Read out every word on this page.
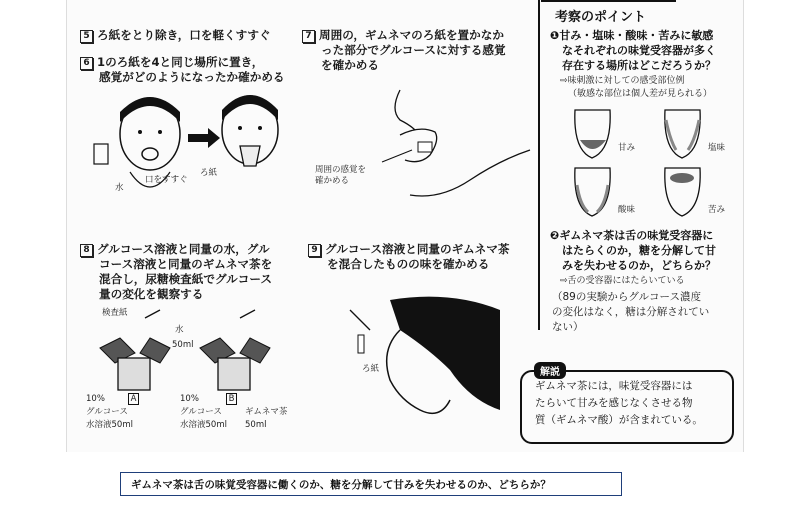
5 ろ紙をとり除き，口を軽くすすぐ
6 1のろ紙を4と同じ場所に置き，
感覚がどのようになったか確かめる
水
口をすすぐ
ろ紙
7 周囲の，ギムネマのろ紙を置かなか
った部分でグルコースに対する感覚
を確かめる
周囲の感覚を
確かめる
8 グルコース溶液と同量の水，グル
コース溶液と同量のギムネマ茶を
混合し，尿糖検査紙でグルコース
量の変化を観察する
検査紙
水
50ml
10%	A
グルコース
水溶液50ml
10%	B
グルコース
水溶液50ml
ギムネマ茶
50ml
9 グルコース溶液と同量のギムネマ茶
を混合したものの味を確かめる
ろ紙
考察のポイント
❶甘み・塩味・酸味・苦みに敏感
なそれぞれの味覚受容器が多く
存在する場所はどこだろうか？
⇨味刺激に対しての感受部位例
（敏感な部位は個人差が見られる）
甘み	塩味
酸味	苦み
❷ギムネマ茶は舌の味覚受容器に
はたらくのか，糖を分解して甘
みを失わせるのか，どちらか？
⇨舌の受容器にはたらいている
（89の実験からグルコース濃度
の変化はなく，糖は分解されてい
ない）
解説
ギムネマ茶には，味覚受容器には
たらいて甘みを感じなくさせる物
質（ギムネマ酸）が含まれている。
ギムネマ茶は舌の味覚受容器に働くのか、糖を分解して甘みを失わせるのか、どちらか？
